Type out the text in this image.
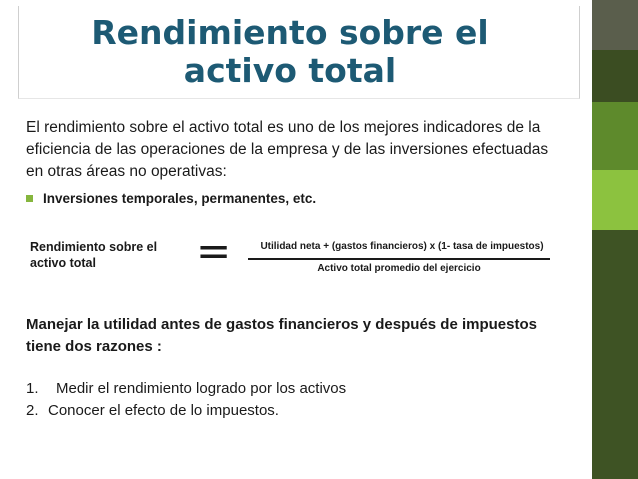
Rendimiento sobre el activo total
El rendimiento sobre el activo total es uno de los mejores indicadores de la eficiencia de las operaciones de la empresa y de las inversiones efectuadas en otras áreas no operativas:
Inversiones temporales, permanentes, etc.
Rendimiento sobre el
activo total	=	Utilidad neta + (gastos financieros) x (1- tasa de impuestos)
Activo total promedio del ejercicio
Manejar la utilidad antes de gastos financieros y después de impuestos tiene dos razones :
1. Medir el rendimiento logrado por los activos
2. Conocer el efecto de lo impuestos.
